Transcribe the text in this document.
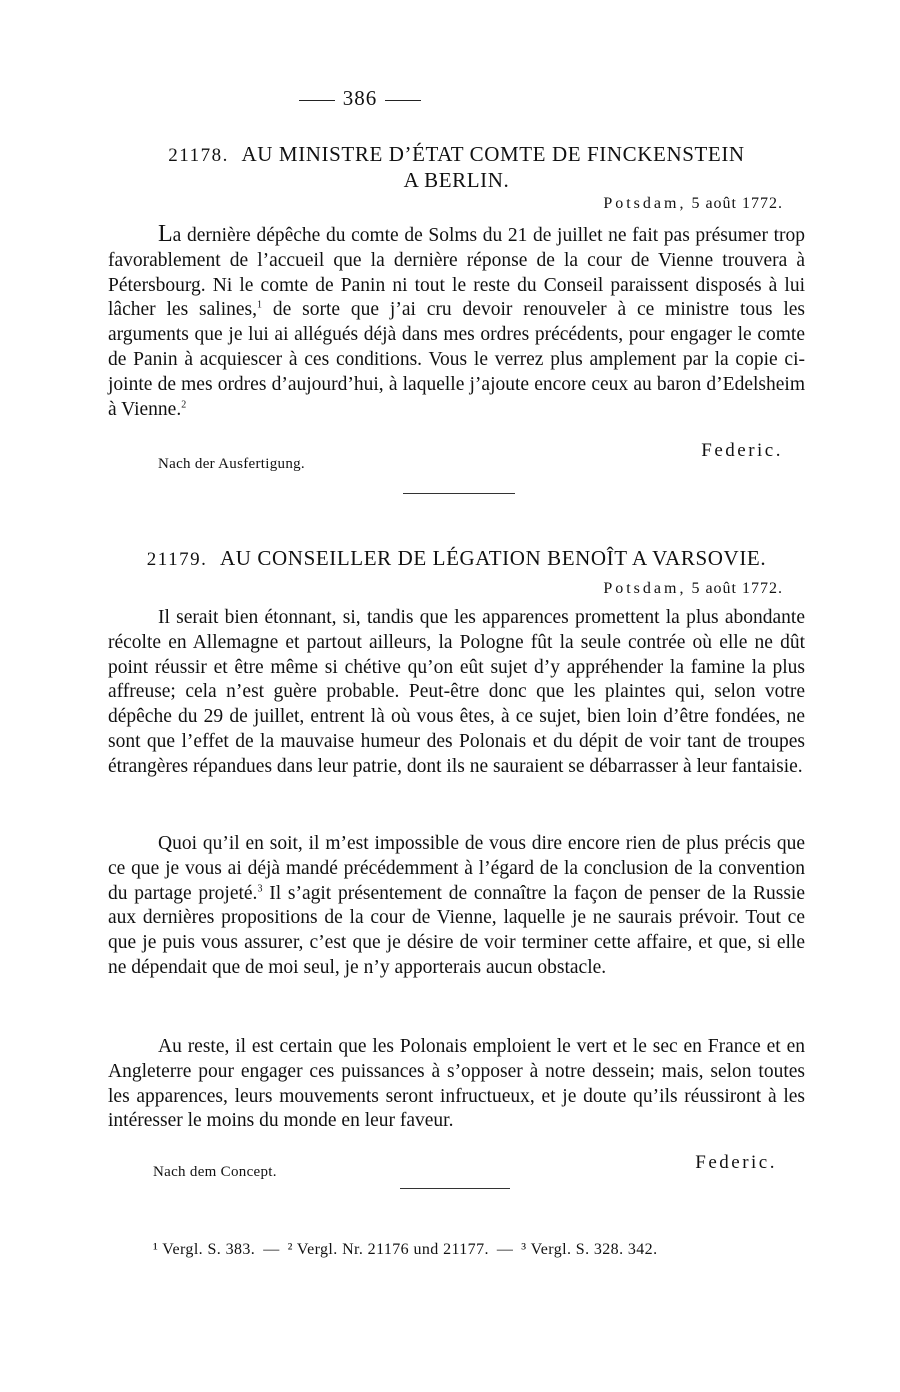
386
21178. AU MINISTRE D’ÉTAT COMTE DE FINCKENSTEIN
A BERLIN.
Potsdam, 5 août 1772.
La dernière dépêche du comte de Solms du 21 de juillet ne fait pas présumer trop favorablement de l’accueil que la dernière réponse de la cour de Vienne trouvera à Pétersbourg. Ni le comte de Panin ni tout le reste du Conseil paraissent disposés à lui lâcher les salines,$^1$ de sorte que j’ai cru devoir renouveler à ce ministre tous les arguments que je lui ai allégués déjà dans mes ordres précédents, pour engager le comte de Panin à acquiescer à ces conditions. Vous le verrez plus amplement par la copie ci-jointe de mes ordres d’aujourd’hui, à laquelle j’ajoute encore ceux au baron d’Edelsheim à Vienne.$^2$
Federic.
Nach der Ausfertigung.
21179. AU CONSEILLER DE LÉGATION BENOÎT A VARSOVIE.
Potsdam, 5 août 1772.
Il serait bien étonnant, si, tandis que les apparences promettent la plus abondante récolte en Allemagne et partout ailleurs, la Pologne fût la seule contrée où elle ne dût point réussir et être même si chétive qu’on eût sujet d’y appréhender la famine la plus affreuse; cela n’est guère probable. Peut-être donc que les plaintes qui, selon votre dépêche du 29 de juillet, entrent là où vous êtes, à ce sujet, bien loin d’être fondées, ne sont que l’effet de la mauvaise humeur des Polonais et du dépit de voir tant de troupes étrangères répandues dans leur patrie, dont ils ne sauraient se débarrasser à leur fantaisie.
Quoi qu’il en soit, il m’est impossible de vous dire encore rien de plus précis que ce que je vous ai déjà mandé précédemment à l’égard de la conclusion de la convention du partage projeté.$^3$ Il s’agit présentement de connaître la façon de penser de la Russie aux dernières propositions de la cour de Vienne, laquelle je ne saurais prévoir. Tout ce que je puis vous assurer, c’est que je désire de voir terminer cette affaire, et que, si elle ne dépendait que de moi seul, je n’y apporterais aucun obstacle.
Au reste, il est certain que les Polonais emploient le vert et le sec en France et en Angleterre pour engager ces puissances à s’opposer à notre dessein; mais, selon toutes les apparences, leurs mouvements seront infructueux, et je doute qu’ils réussiront à les intéresser le moins du monde en leur faveur.
Federic.
Nach dem Concept.
¹ Vergl. S. 383. — ² Vergl. Nr. 21176 und 21177. — ³ Vergl. S. 328. 342.
